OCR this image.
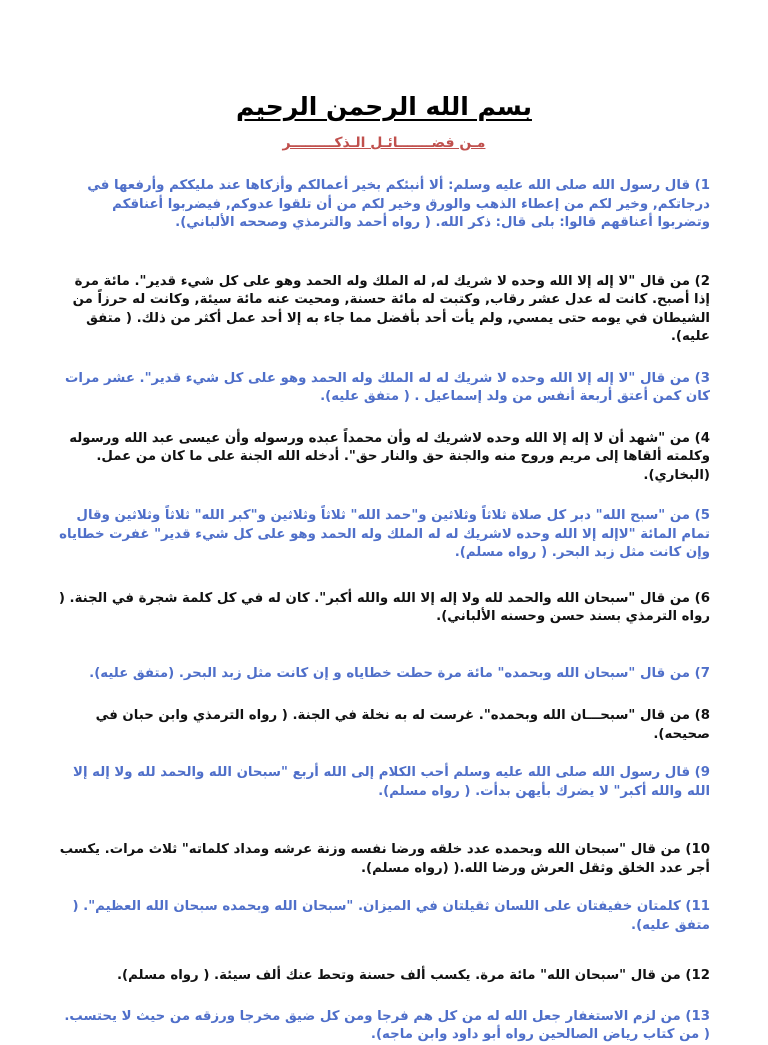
بسم الله الرحمن الرحيم
مـن فضـــــــائـل الـذكـــــــــر

1) قال رسول الله صلى الله عليه وسلم: ألا أنبئكم بخير أعمالكم وأزكاها عند مليككم وأرفعها في درجاتكم, وخير لكم من إعطاء الذهب والورق وخير لكم من أن تلقوا عدوكم, فيضربوا أعناقكم وتضربوا أعناقهم قالوا: بلى قال: ذكر الله. ( رواه أحمد والترمذي وصححه الألباني).

2) من قال "لا إله إلا الله وحده لا شريك له, له الملك وله الحمد وهو على كل شيء قدير". مائة مرة إذا أصبح. كانت له عدل عشر رقاب, وكتبت له مائة حسنة, ومحيت عنه مائة سيئة, وكانت له حرزاً من الشيطان في يومه حتى يمسي, ولم يأت أحد بأفضل مما جاء به إلا أحد عمل أكثر من ذلك. ( متفق عليه).

3) من قال "لا إله إلا الله وحده لا شريك له له الملك وله الحمد وهو على كل شيء قدير". عشر مرات كان كمن أعتق أربعة أنفس من ولد إسماعيل . ( متفق عليه).

4) من "شهد أن لا إله إلا الله وحده لاشريك له وأن محمداً عبده ورسوله وأن عيسى عبد الله ورسوله وكلمته ألقاها إلى مريم وروح منه والجنة حق والنار حق". أدخله الله الجنة على ما كان من عمل. (البخاري).

5) من "سبح الله" دبر كل صلاة ثلاثاً وثلاثين و"حمد الله" ثلاثاً وثلاثين و"كبر الله" ثلاثاً وثلاثين وقال تمام المائة "لاإله إلا الله وحده لاشريك له له الملك وله الحمد وهو على كل شيء قدير" غفرت خطاياه وإن كانت مثل زبد البحر. ( رواه مسلم).

6) من قال "سبحان الله والحمد لله ولا إله إلا الله والله أكبر". كان له في كل كلمة شجرة في الجنة. ( رواه الترمذي بسند حسن وحسنه الألباني).

7) من قال "سبحان الله وبحمده" مائة مرة حطت خطاياه و إن كانت مثل زبد البحر. (متفق عليه).

8) من قال "سبحـــان الله وبحمده". غرست له به نخلة في الجنة. ( رواه الترمذي وابن حبان في صحيحه).

9) قال رسول الله صلى الله عليه وسلم أحب الكلام إلى الله أربع "سبحان الله والحمد لله ولا إله إلا الله والله أكبر" لا يضرك بأيهن بدأت. ( رواه مسلم).

10) من قال "سبحان الله وبحمده عدد خلقه ورضا نفسه وزنة عرشه ومداد كلماته" ثلاث مرات. يكسب أجر عدد الخلق وثقل العرش ورضا الله.( (رواه مسلم).

11) كلمتان خفيفتان على اللسان ثقيلتان في الميزان. "سبحان الله وبحمده سبحان الله العظيم". ( متفق عليه).

12) من قال "سبحان الله" مائة مرة. يكسب ألف حسنة وتحط عنك ألف سيئة. ( رواه مسلم).

13) من لزم الاستغفار جعل الله له من كل هم فرجا ومن كل ضيق مخرجا ورزقه من حيث لا يحتسب. ( من كتاب رياض الصالحين رواه أبو داود وابن ماجه).
